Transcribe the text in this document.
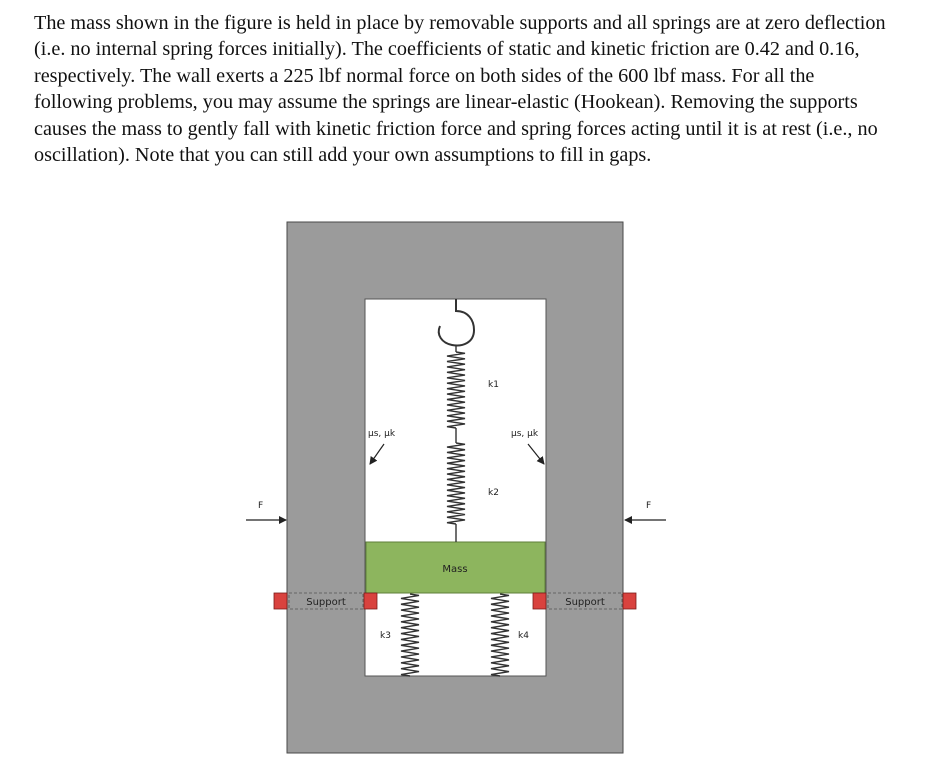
The mass shown in the figure is held in place by removable supports and all springs are at zero deflection (i.e. no internal spring forces initially). The coefficients of static and kinetic friction are 0.42 and 0.16, respectively. The wall exerts a 225 lbf normal force on both sides of the 600 lbf mass. For all the following problems, you may assume the springs are linear-elastic (Hookean). Removing the supports causes the mass to gently fall with kinetic friction force and spring forces acting until it is at rest (i.e., no oscillation). Note that you can still add your own assumptions to fill in gaps.

Mass
k1
k2
k3	k4
μs, μk	μs, μk
F	F
Support	Support
